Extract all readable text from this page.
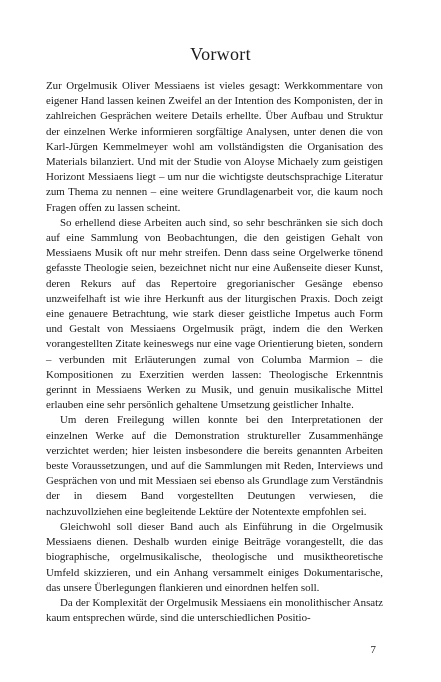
Vorwort

Zur Orgelmusik Oliver Messiaens ist vieles gesagt: Werkkommentare von eigener Hand lassen keinen Zweifel an der Intention des Komponisten, der in zahlreichen Gesprächen weitere Details erhellte. Über Aufbau und Struktur der einzelnen Werke informieren sorgfältige Analysen, unter denen die von Karl-Jürgen Kemmelmeyer wohl am vollständigsten die Organisation des Materials bilanziert. Und mit der Studie von Aloyse Michaely zum geistigen Horizont Messiaens liegt – um nur die wichtigste deutschsprachige Literatur zum Thema zu nennen – eine weitere Grundlagenarbeit vor, die kaum noch Fragen offen zu lassen scheint.

So erhellend diese Arbeiten auch sind, so sehr beschränken sie sich doch auf eine Sammlung von Beobachtungen, die den geistigen Gehalt von Messiaens Musik oft nur mehr streifen. Denn dass seine Orgelwerke tönend gefasste Theologie seien, bezeichnet nicht nur eine Außenseite dieser Kunst, deren Rekurs auf das Repertoire gregorianischer Gesänge ebenso unzweifelhaft ist wie ihre Herkunft aus der liturgischen Praxis. Doch zeigt eine genauere Betrachtung, wie stark dieser geistliche Impetus auch Form und Gestalt von Messiaens Orgelmusik prägt, indem die den Werken vorangestellten Zitate keineswegs nur eine vage Orientierung bieten, sondern – verbunden mit Erläuterungen zumal von Columba Marmion – die Kompositionen zu Exerzitien werden lassen: Theologische Erkenntnis gerinnt in Messiaens Werken zu Musik, und genuin musikalische Mittel erlauben eine sehr persönlich gehaltene Umsetzung geistlicher Inhalte.

Um deren Freilegung willen konnte bei den Interpretationen der einzelnen Werke auf die Demonstration struktureller Zusammenhänge verzichtet werden; hier leisten insbesondere die bereits genannten Arbeiten beste Voraussetzungen, und auf die Sammlungen mit Reden, Interviews und Gesprächen von und mit Messiaen sei ebenso als Grundlage zum Verständnis der in diesem Band vorgestellten Deutungen verwiesen, die nachzuvollziehen eine begleitende Lektüre der Notentexte empfohlen sei.

Gleichwohl soll dieser Band auch als Einführung in die Orgelmusik Messiaens dienen. Deshalb wurden einige Beiträge vorangestellt, die das biographische, orgelmusikalische, theologische und musiktheoretische Umfeld skizzieren, und ein Anhang versammelt einiges Dokumentarische, das unsere Überlegungen flankieren und einordnen helfen soll.

Da der Komplexität der Orgelmusik Messiaens ein monolithischer Ansatz kaum entsprechen würde, sind die unterschiedlichen Positio-

7
